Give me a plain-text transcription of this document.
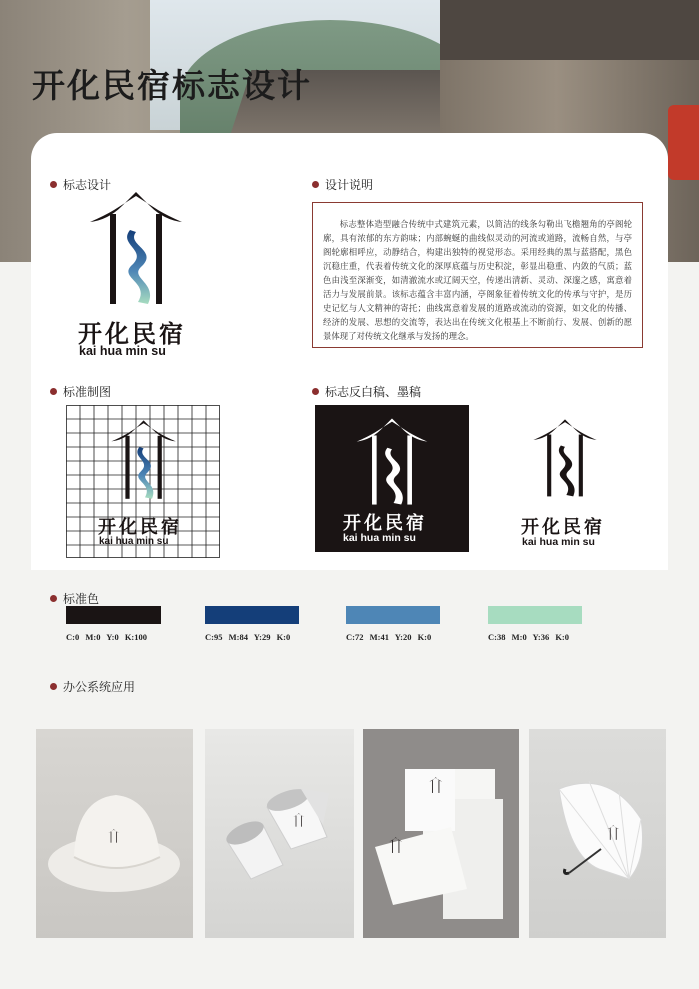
开化民宿标志设计
标志设计
开化民宿
kai hua min su
设计说明

标志整体造型融合传统中式建筑元素，以简洁的线条勾勒出飞檐翘角的亭阁轮廓，具有浓郁的东方韵味；内部蜿蜒的曲线似灵动的河流或道路，流畅自然，与亭阁轮廓相呼应，动静结合，构建出独特的视觉形态。采用经典的黑与蓝搭配，黑色沉稳庄重，代表着传统文化的深厚底蕴与历史积淀，彰显出稳重、内敛的气质；蓝色由浅至深渐变，如清澈流水或辽阔天空，传递出清新、灵动、深邃之感，寓意着活力与发展前景。该标志蕴含丰富内涵，亭阁象征着传统文化的传承与守护，是历史记忆与人文精神的寄托；曲线寓意着发展的道路或流动的资源，如文化的传播、经济的发展、思想的交流等，表达出在传统文化根基上不断前行、发展、创新的愿景体现了对传统文化继承与发扬的理念。

标准制图
开化民宿
kai hua min su
标志反白稿、墨稿
开化民宿
kai hua min su	开化民宿
kai hua min su
标准色
C:0 M:0 Y:0 K:100	C:95 M:84 Y:29 K:0	C:72 M:41 Y:20 K:0	C:38 M:0 Y:36 K:0
办公系统应用
